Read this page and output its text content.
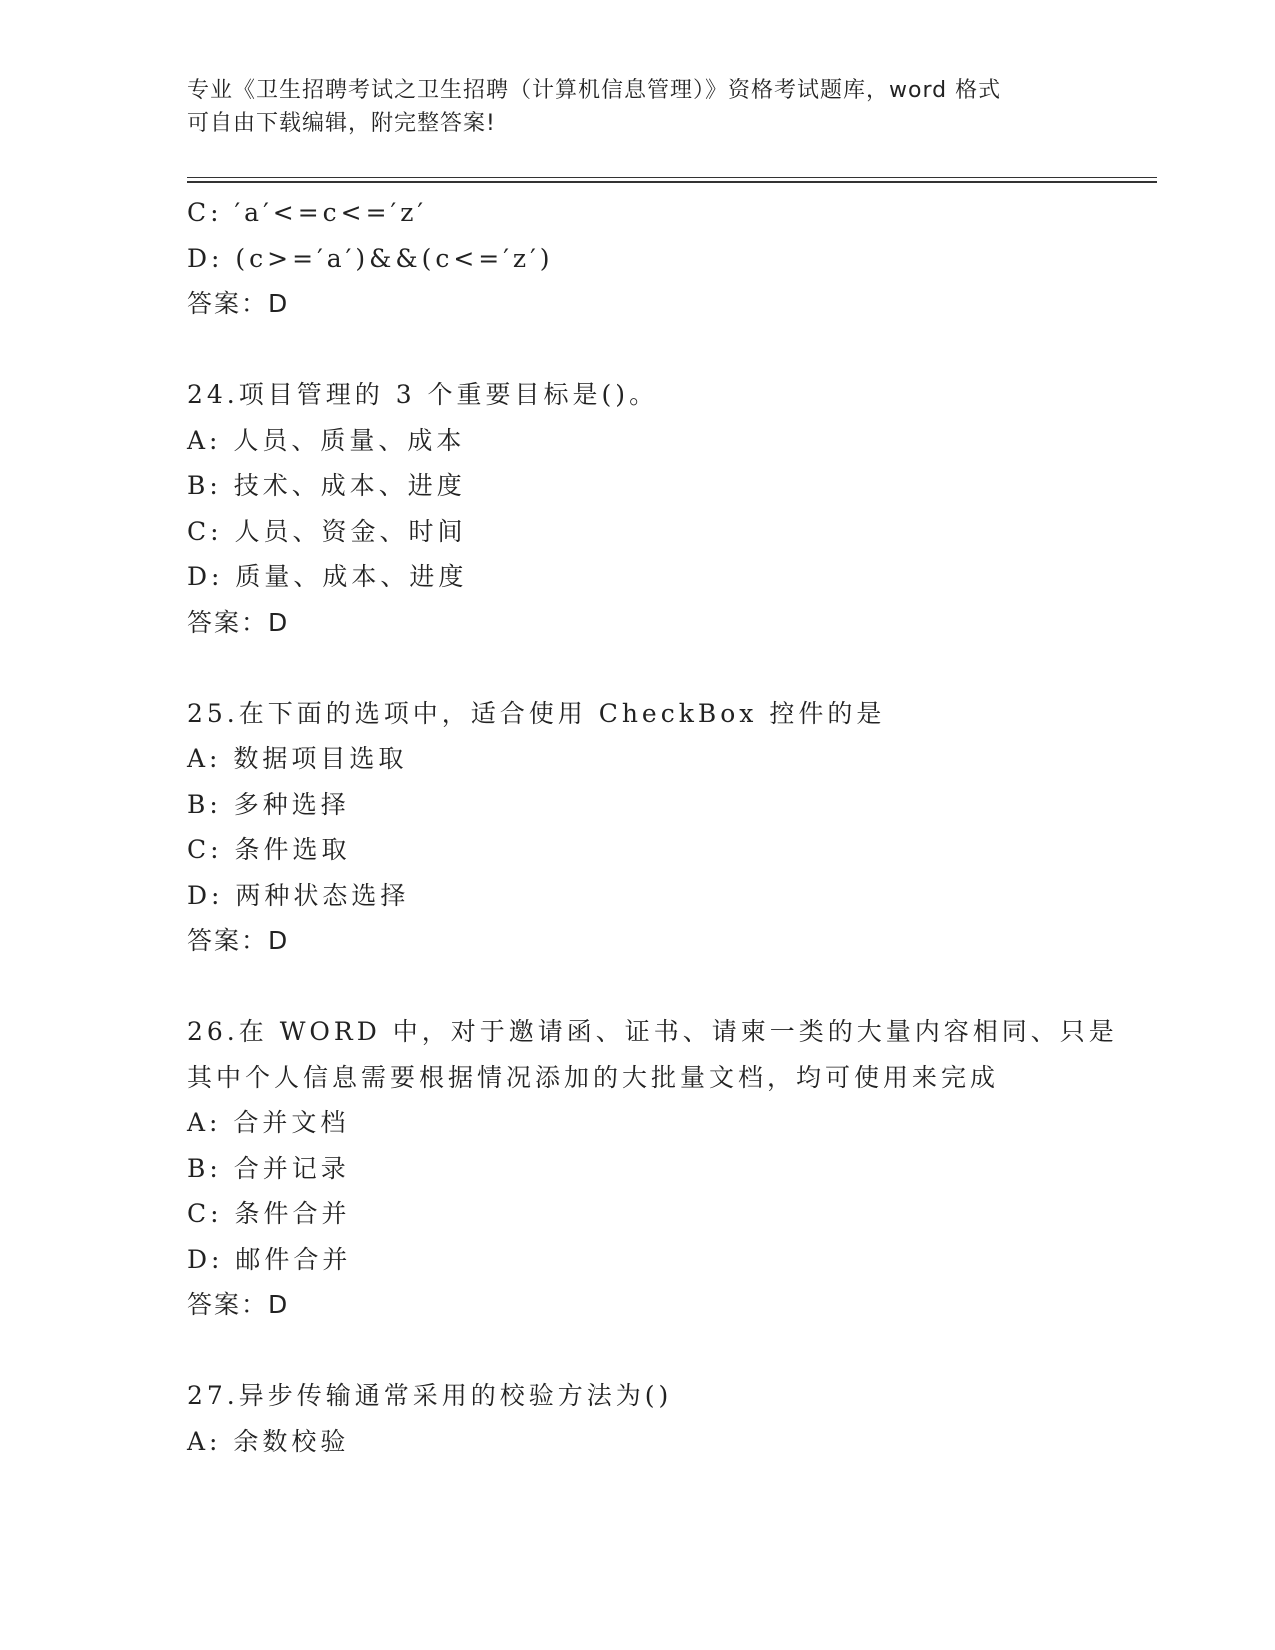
专业《卫生招聘考试之卫生招聘（计算机信息管理）》资格考试题库，word 格式
可自由下载编辑，附完整答案!
C: ′a′<=c<=′z′
D: (c>=′a′)&&(c<=′z′)
答案：D
24.项目管理的 3 个重要目标是()。
A: 人员、质量、成本
B: 技术、成本、进度
C: 人员、资金、时间
D: 质量、成本、进度
答案：D
25.在下面的选项中，适合使用 CheckBox 控件的是
A: 数据项目选取
B: 多种选择
C: 条件选取
D: 两种状态选择
答案：D
26.在 WORD 中，对于邀请函、证书、请柬一类的大量内容相同、只是
其中个人信息需要根据情况添加的大批量文档，均可使用来完成
A: 合并文档
B: 合并记录
C: 条件合并
D: 邮件合并
答案：D
27.异步传输通常采用的校验方法为()
A: 余数校验
